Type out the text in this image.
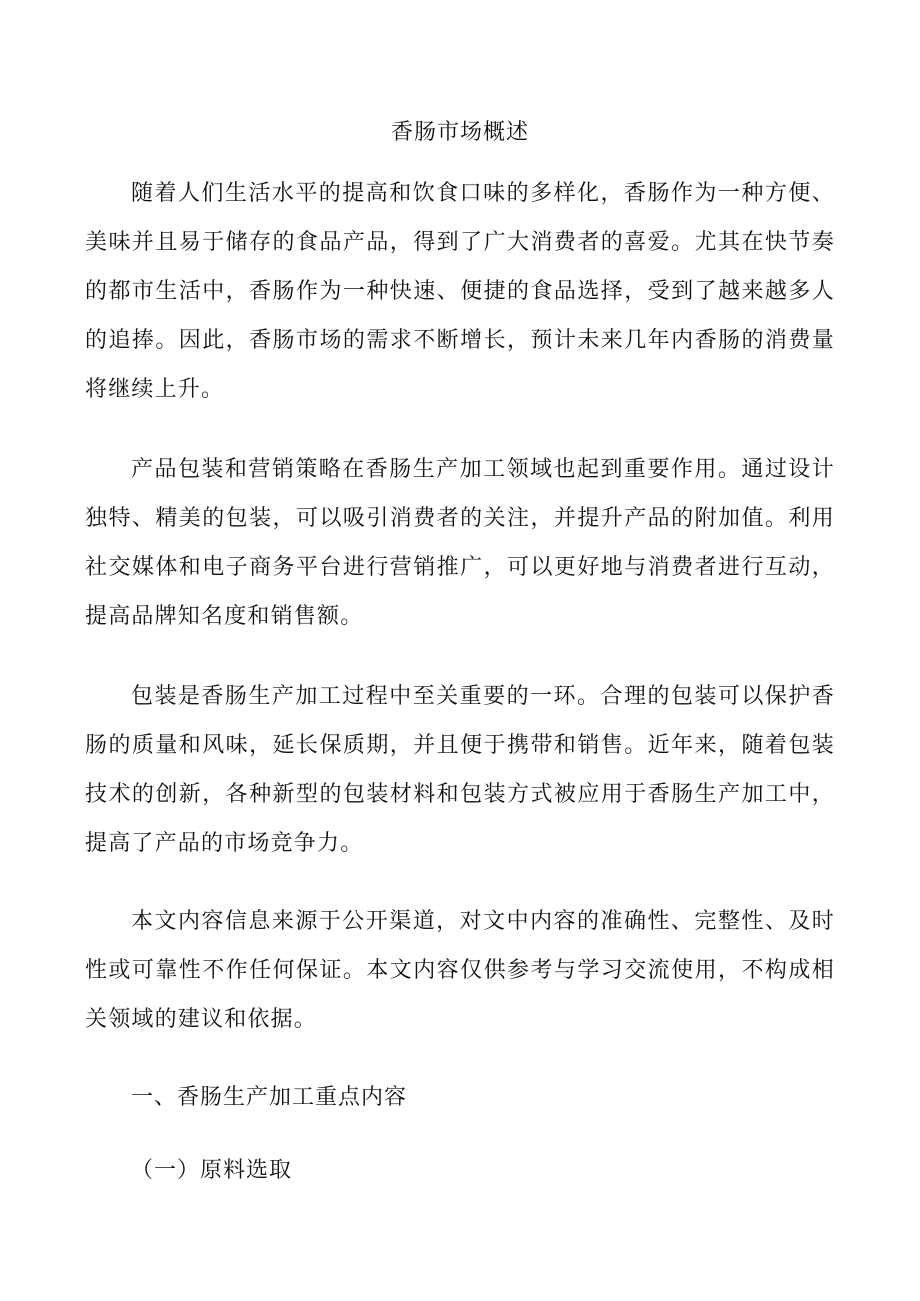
香肠市场概述

随着人们生活水平的提高和饮食口味的多样化，香肠作为一种方便、美味并且易于储存的食品产品，得到了广大消费者的喜爱。尤其在快节奏的都市生活中，香肠作为一种快速、便捷的食品选择，受到了越来越多人的追捧。因此，香肠市场的需求不断增长，预计未来几年内香肠的消费量将继续上升。

产品包装和营销策略在香肠生产加工领域也起到重要作用。通过设计独特、精美的包装，可以吸引消费者的关注，并提升产品的附加值。利用社交媒体和电子商务平台进行营销推广，可以更好地与消费者进行互动，提高品牌知名度和销售额。

包装是香肠生产加工过程中至关重要的一环。合理的包装可以保护香肠的质量和风味，延长保质期，并且便于携带和销售。近年来，随着包装技术的创新，各种新型的包装材料和包装方式被应用于香肠生产加工中，提高了产品的市场竞争力。

本文内容信息来源于公开渠道，对文中内容的准确性、完整性、及时性或可靠性不作任何保证。本文内容仅供参考与学习交流使用，不构成相关领域的建议和依据。

一、香肠生产加工重点内容
（一）原料选取
